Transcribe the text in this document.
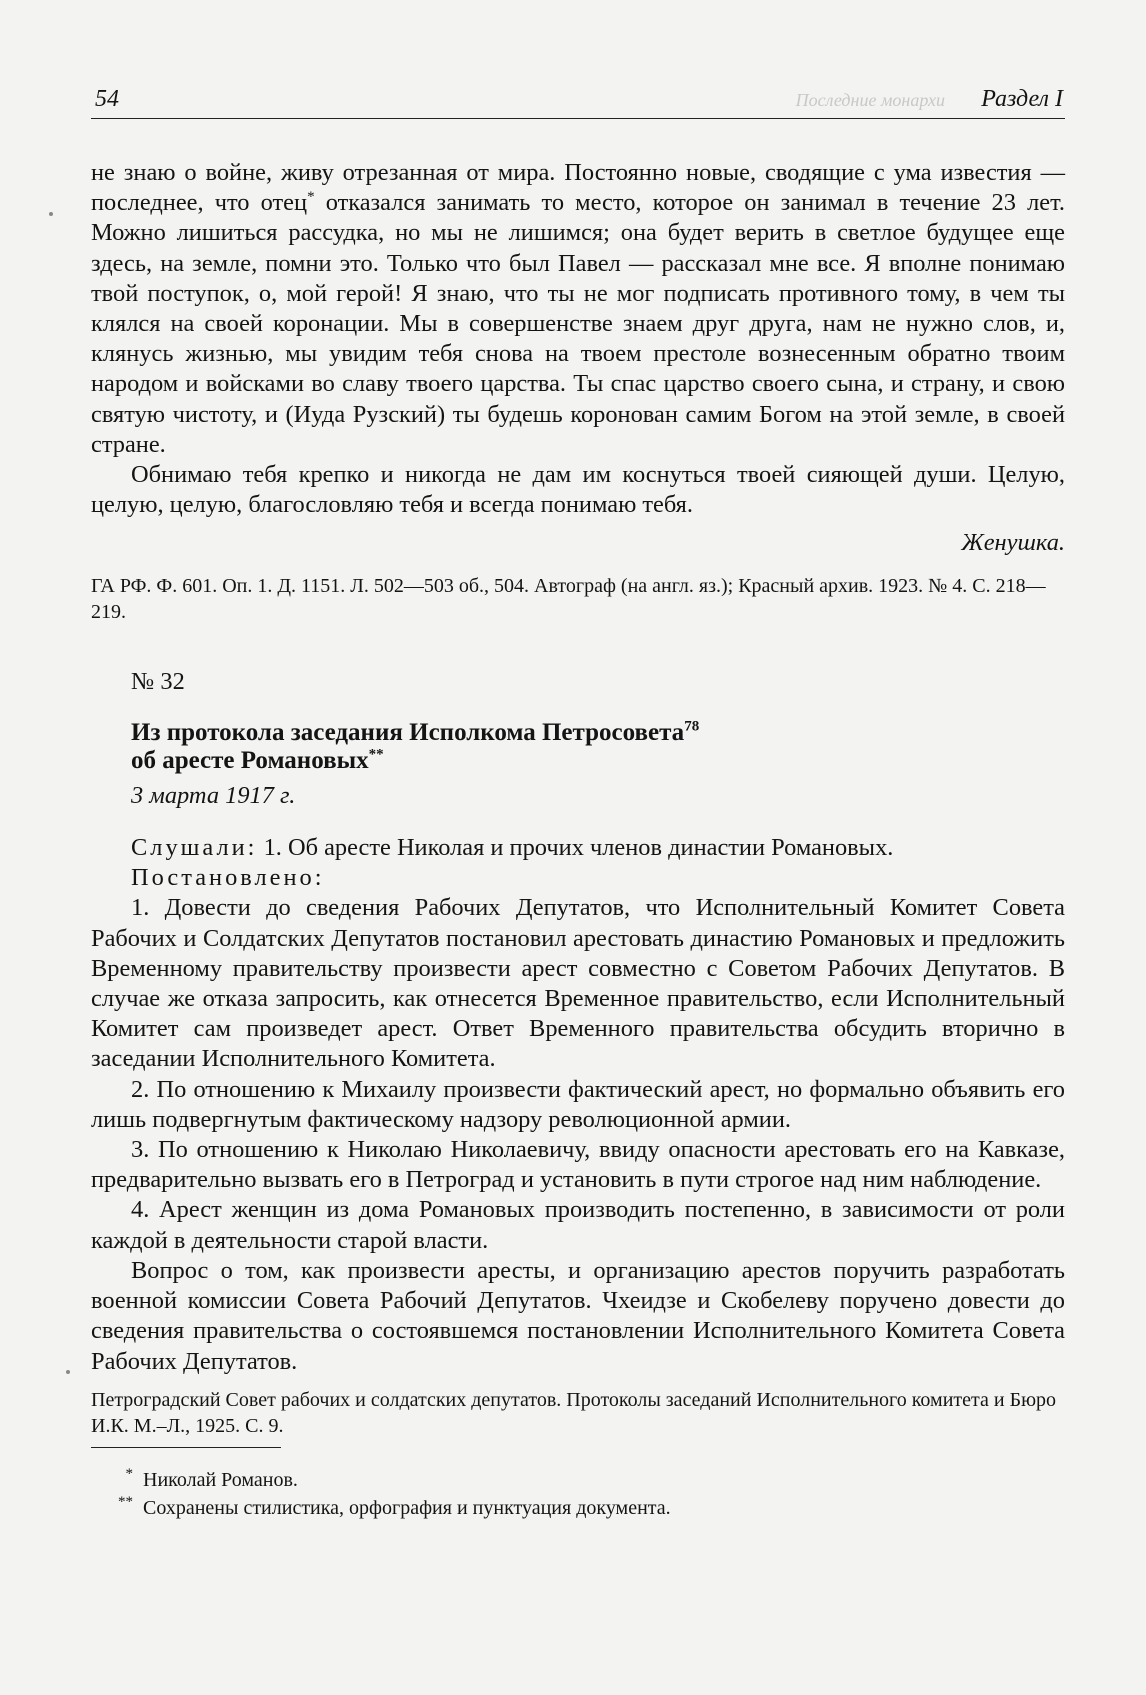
54	Последние монархи Раздел I

не знаю о войне, живу отрезанная от мира. Постоянно новые, сводящие с ума известия — последнее, что отец* отказался занимать то место, которое он занимал в течение 23 лет. Можно лишиться рассудка, но мы не лишимся; она будет верить в светлое будущее еще здесь, на земле, помни это. Только что был Павел — рассказал мне все. Я вполне понимаю твой поступок, о, мой герой! Я знаю, что ты не мог подписать противного тому, в чем ты клялся на своей коронации. Мы в совершенстве знаем друг друга, нам не нужно слов, и, клянусь жизнью, мы увидим тебя снова на твоем престоле вознесенным обратно твоим народом и войсками во славу твоего царства. Ты спас царство своего сына, и страну, и свою святую чистоту, и (Иуда Рузский) ты будешь коронован самим Богом на этой земле, в своей стране.

Обнимаю тебя крепко и никогда не дам им коснуться твоей сияющей души. Целую, целую, целую, благословляю тебя и всегда понимаю тебя.

Женушка.

ГА РФ. Ф. 601. Оп. 1. Д. 1151. Л. 502—503 об., 504. Автограф (на англ. яз.); Красный архив. 1923. № 4. С. 218—219.

№ 32
Из протокола заседания Исполкома Петросовета$^{78}$
об аресте Романовых**
3 марта 1917 г.

Слушали: 1. Об аресте Николая и прочих членов династии Романовых.

Постановлено:

1. Довести до сведения Рабочих Депутатов, что Исполнительный Комитет Совета Рабочих и Солдатских Депутатов постановил арестовать династию Романовых и предложить Временному правительству произвести арест совместно с Советом Рабочих Депутатов. В случае же отказа запросить, как отнесется Временное правительство, если Исполнительный Комитет сам произведет арест. Ответ Временного правительства обсудить вторично в заседании Исполнительного Комитета.

2. По отношению к Михаилу произвести фактический арест, но формально объявить его лишь подвергнутым фактическому надзору революционной армии.

3. По отношению к Николаю Николаевичу, ввиду опасности арестовать его на Кавказе, предварительно вызвать его в Петроград и установить в пути строгое над ним наблюдение.

4. Арест женщин из дома Романовых производить постепенно, в зависимости от роли каждой в деятельности старой власти.

Вопрос о том, как произвести аресты, и организацию арестов поручить разработать военной комиссии Совета Рабочий Депутатов. Чхеидзе и Скобелеву поручено довести до сведения правительства о состоявшемся постановлении Исполнительного Комитета Совета Рабочих Депутатов.

Петроградский Совет рабочих и солдатских депутатов. Протоколы заседаний Исполнительного комитета и Бюро И.К. М.–Л., 1925. С. 9.

* Николай Романов.
** Сохранены стилистика, орфография и пунктуация документа.
